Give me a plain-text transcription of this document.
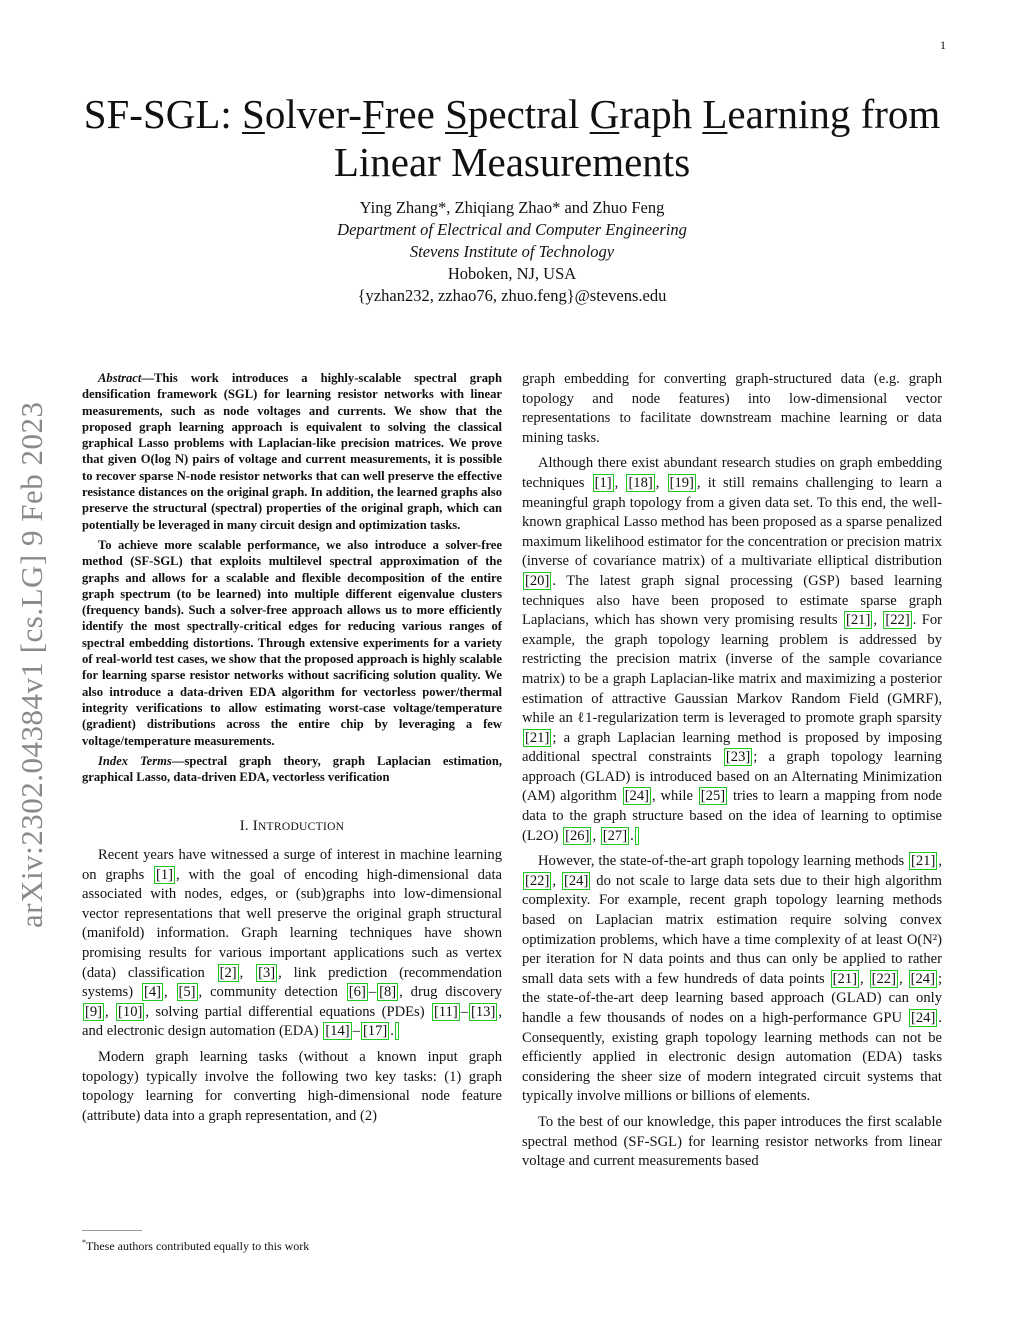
1
arXiv:2302.04384v1 [cs.LG] 9 Feb 2023
SF-SGL: Solver-Free Spectral Graph Learning from
Linear Measurements
Ying Zhang*, Zhiqiang Zhao* and Zhuo Feng
Department of Electrical and Computer Engineering
Stevens Institute of Technology
Hoboken, NJ, USA
{yzhan232, zzhao76, zhuo.feng}@stevens.edu

Abstract—This work introduces a highly-scalable spectral graph densification framework (SGL) for learning resistor networks with linear measurements, such as node voltages and currents. We show that the proposed graph learning approach is equivalent to solving the classical graphical Lasso problems with Laplacian-like precision matrices. We prove that given O(log N) pairs of voltage and current measurements, it is possible to recover sparse N-node resistor networks that can well preserve the effective resistance distances on the original graph. In addition, the learned graphs also preserve the structural (spectral) properties of the original graph, which can potentially be leveraged in many circuit design and optimization tasks.

To achieve more scalable performance, we also introduce a solver-free method (SF-SGL) that exploits multilevel spectral approximation of the graphs and allows for a scalable and flexible decomposition of the entire graph spectrum (to be learned) into multiple different eigenvalue clusters (frequency bands). Such a solver-free approach allows us to more efficiently identify the most spectrally-critical edges for reducing various ranges of spectral embedding distortions. Through extensive experiments for a variety of real-world test cases, we show that the proposed approach is highly scalable for learning sparse resistor networks without sacrificing solution quality. We also introduce a data-driven EDA algorithm for vectorless power/thermal integrity verifications to allow estimating worst-case voltage/temperature (gradient) distributions across the entire chip by leveraging a few voltage/temperature measurements.

Index Terms—spectral graph theory, graph Laplacian estimation, graphical Lasso, data-driven EDA, vectorless verification

I. INTRODUCTION

Recent years have witnessed a surge of interest in machine learning on graphs [1] , with the goal of encoding high-dimensional data associated with nodes, edges, or (sub)graphs into low-dimensional vector representations that well preserve the original graph structural (manifold) information. Graph learning techniques have shown promising results for various important applications such as vertex (data) classification [2] , [3] , link prediction (recommendation systems) [4] , [5] , community detection [6] – [8] , drug discovery [9] , [10] , solving partial differential equations (PDEs) [11] – [13] , and electronic design automation (EDA) [14] – [17] .

Modern graph learning tasks (without a known input graph topology) typically involve the following two key tasks: (1) graph topology learning for converting high-dimensional node feature (attribute) data into a graph representation, and (2)

*These authors contributed equally to this work

graph embedding for converting graph-structured data (e.g. graph topology and node features) into low-dimensional vector representations to facilitate downstream machine learning or data mining tasks.

Although there exist abundant research studies on graph embedding techniques [1] , [18] , [19] , it still remains challenging to learn a meaningful graph topology from a given data set. To this end, the well-known graphical Lasso method has been proposed as a sparse penalized maximum likelihood estimator for the concentration or precision matrix (inverse of covariance matrix) of a multivariate elliptical distribution [20] . The latest graph signal processing (GSP) based learning techniques also have been proposed to estimate sparse graph Laplacians, which has shown very promising results [21] , [22] . For example, the graph topology learning problem is addressed by restricting the precision matrix (inverse of the sample covariance matrix) to be a graph Laplacian-like matrix and maximizing a posterior estimation of attractive Gaussian Markov Random Field (GMRF), while an ℓ1-regularization term is leveraged to promote graph sparsity [21] ; a graph Laplacian learning method is proposed by imposing additional spectral constraints [23] ; a graph topology learning approach (GLAD) is introduced based on an Alternating Minimization (AM) algorithm [24] , while [25] tries to learn a mapping from node data to the graph structure based on the idea of learning to optimise (L2O) [26] , [27] .

However, the state-of-the-art graph topology learning methods [21] , [22] , [24] do not scale to large data sets due to their high algorithm complexity. For example, recent graph topology learning methods based on Laplacian matrix estimation require solving convex optimization problems, which have a time complexity of at least O(N²) per iteration for N data points and thus can only be applied to rather small data sets with a few hundreds of data points [21] , [22] , [24] ; the state-of-the-art deep learning based approach (GLAD) can only handle a few thousands of nodes on a high-performance GPU [24] . Consequently, existing graph topology learning methods can not be efficiently applied in electronic design automation (EDA) tasks considering the sheer size of modern integrated circuit systems that typically involve millions or billions of elements.

To the best of our knowledge, this paper introduces the first scalable spectral method (SF-SGL) for learning resistor networks from linear voltage and current measurements based
